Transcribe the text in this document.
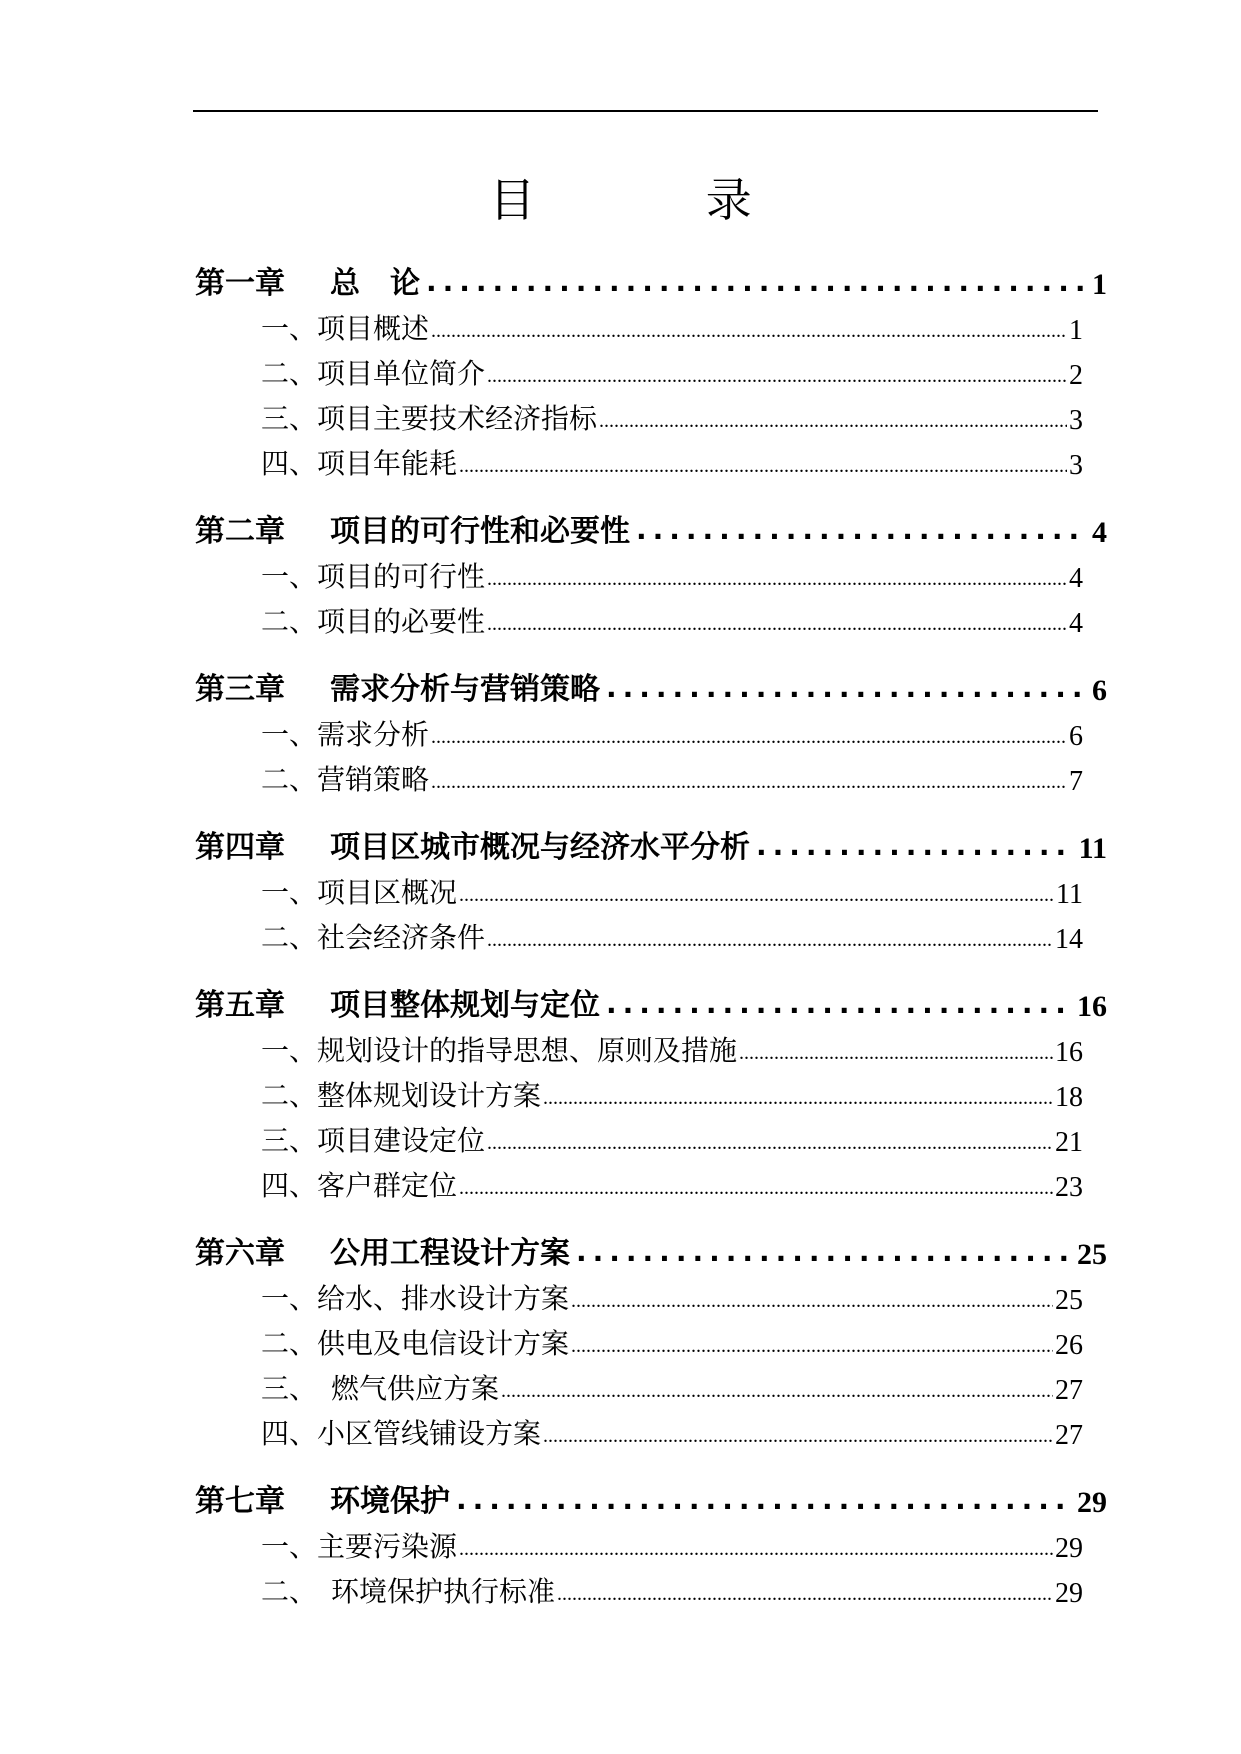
目 录
第一章	总　论 .....	1
一、项目概述 .....	1
二、项目单位简介 .....	2
三、项目主要技术经济指标 .....	3
四、项目年能耗 .....	3
第二章	项目的可行性和必要性 .....	4
一、项目的可行性 .....	4
二、项目的必要性 .....	4
第三章	需求分析与营销策略 .....	6
一、需求分析 .....	6
二、营销策略 .....	7
第四章	项目区城市概况与经济水平分析 .....	11
一、项目区概况 .....	11
二、社会经济条件 .....	14
第五章	项目整体规划与定位 .....	16
一、规划设计的指导思想、原则及措施 .....	16
二、整体规划设计方案 .....	18
三、项目建设定位 .....	21
四、客户群定位 .....	23
第六章	公用工程设计方案 .....	25
一、给水、排水设计方案 .....	25
二、供电及电信设计方案 .....	26
三、　燃气供应方案 .....	27
四、小区管线铺设方案 .....	27
第七章	环境保护 .....	29
一、主要污染源 .....	29
二、　环境保护执行标准 .....	29
